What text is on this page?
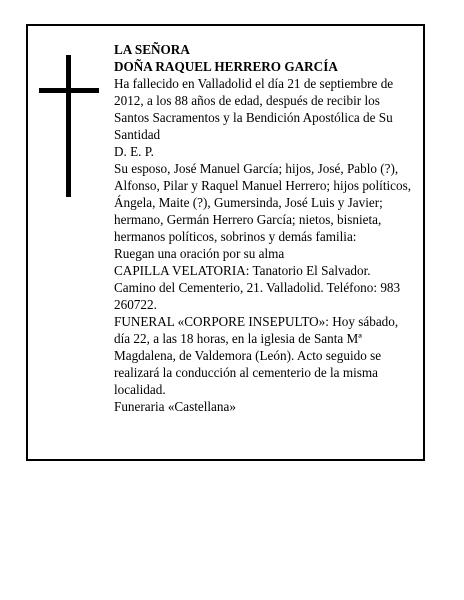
LA SEÑORA

DOÑA RAQUEL HERRERO GARCÍA

Ha fallecido en Valladolid el día 21 de septiembre de 2012, a los 88 años de edad, después de recibir los Santos Sacramentos y la Bendición Apostólica de Su Santidad

D. E. P.

Su esposo, José Manuel García; hijos, José, Pablo (?), Alfonso, Pilar y Raquel Manuel Herrero; hijos políticos, Ángela, Maite (?), Gumersinda, José Luis y Javier; hermano, Germán Herrero García; nietos, bisnieta, hermanos políticos, sobrinos y demás familia:

Ruegan una oración por su alma

CAPILLA VELATORIA: Tanatorio El Salvador. Camino del Cementerio, 21. Valladolid. Teléfono: 983 260722.

FUNERAL «CORPORE INSEPULTO»: Hoy sábado, día 22, a las 18 horas, en la iglesia de Santa Mª Magdalena, de Valdemora (León). Acto seguido se realizará la conducción al cementerio de la misma localidad.

Funeraria «Castellana»
